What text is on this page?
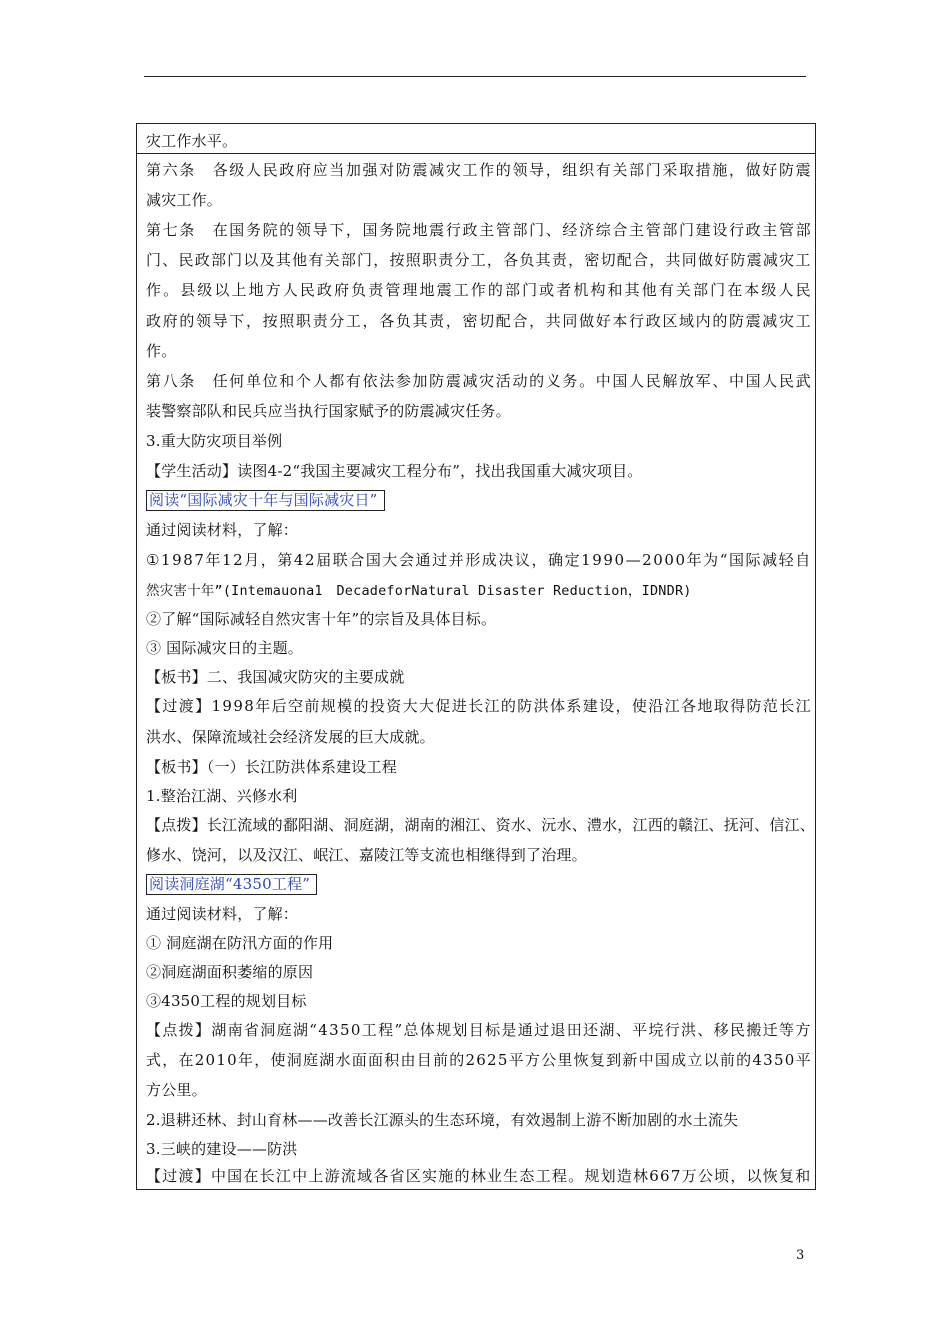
灾工作水平。
第 六 条
　 各 级 人 民 政 府 应 当 加 强 对 防 震 减 灾 工 作 的 领 导 ， 组 织 有 关 部 门 采 取 措 施 ， 做 好 防 震
减灾工作。
第 七 条
　 在 国 务 院 的 领 导 下 ， 国 务 院 地 震 行 政 主 管 部 门 、 经 济 综 合 主 管 部 门 建 设 行 政 主 管 部
门 、 民 政 部 门 以 及 其 他 有 关 部 门 ， 按 照 职 责 分 工 ， 各 负 其 责 ， 密 切 配 合 ， 共 同 做 好 防 震 减 灾 工
作 。 县 级 以 上 地 方 人 民 政 府 负 责 管 理 地 震 工 作 的 部 门 或 者 机 构 和 其 他 有 关 部 门 在 本 级 人 民
政 府 的 领 导 下 ， 按 照 职 责 分 工 ， 各 负 其 责 ， 密 切 配 合 ， 共 同 做 好 本 行 政 区 域 内 的 防 震 减 灾 工
作。
第 八 条
　 任 何 单 位 和 个 人 都 有 依 法 参 加 防 震 减 灾 活 动 的 义 务 。 中 国 人 民 解 放 军 、 中 国 人 民 武
装警察部队和民兵应当执行国家赋予的防震减灾任务。
3.重大防灾项目举例
【学生活动】读图4-2“我国主要减灾工程分布”，找出我国重大减灾项目。
阅读“国际减灾十年与国际减灾日”
通过阅读材料，了解：
① 1 9 8 7 年 1 2 月 ， 第 4 2 届 联 合 国 大 会 通 过 并 形 成 决 议 ， 确 定 1 9 9 0 — 2 0 0 0 年 为 “ 国 际 减 轻 自
然灾害十年”(Intemauona1　DecadeforNatural Disaster Reduction，IDNDR)
②了解“国际减轻自然灾害十年”的宗旨及具体目标。
③ 国际减灾日的主题。
【板书】二、我国减灾防灾的主要成就
【 过 渡 】 1 9 9 8 年 后 空 前 规 模 的 投 资 大 大 促 进 长 江 的 防 洪 体 系 建 设 ， 使 沿 江 各 地 取 得 防 范 长 江
洪水、保障流域社会经济发展的巨大成就。
【板书】（一）长江防洪体系建设工程
1.整治江湖、兴修水利
【 点 拨 】 长 江 流 域 的 鄱 阳 湖 、 洞 庭 湖 ， 湖 南 的 湘 江 、 资 水 、 沅 水 、 澧 水 ， 江 西 的 赣 江 、 抚 河 、 信 江 、
修水、饶河，以及汉江、岷江、嘉陵江等支流也相继得到了治理。
阅读洞庭湖“4350工程”
通过阅读材料，了解：
① 洞庭湖在防汛方面的作用
②洞庭湖面积萎缩的原因
③4350工程的规划目标
【 点 拨 】 湖 南 省 洞 庭 湖 “ 4 3 5 0 工 程 ” 总 体 规 划 目 标 是 通 过 退 田 还 湖 、 平 垸 行 洪 、 移 民 搬 迁 等 方
式 ， 在 2 0 1 0 年 ， 使 洞 庭 湖 水 面 面 积 由 目 前 的 2 6 2 5 平 方 公 里 恢 复 到 新 中 国 成 立 以 前 的 4 3 5 0 平
方公里。
2.退耕还林、封山育林——改善长江源头的生态环境，有效遏制上游不断加剧的水土流失
3.三峡的建设——防洪
【 过 渡 】 中 国 在 长 江 中 上 游 流 域 各 省 区 实 施 的 林 业 生 态 工 程 。 规 划 造 林 6 6 7 万 公 顷 ， 以 恢 复 和
3
